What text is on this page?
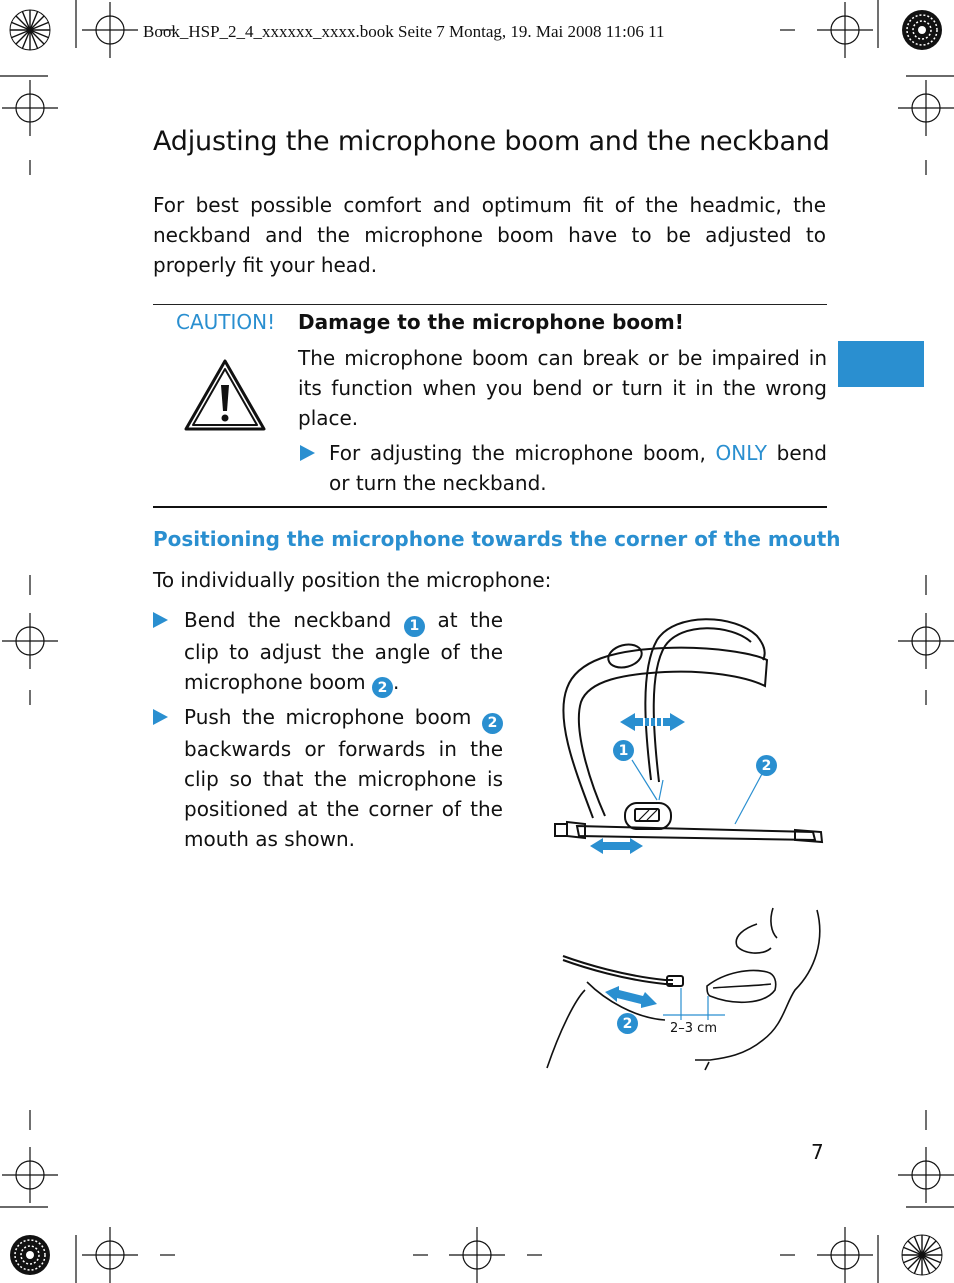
Book_HSP_2_4_xxxxxx_xxxx.book Seite 7 Montag, 19. Mai 2008 11:06 11
Adjusting the microphone boom and the neckband
For best possible comfort and optimum fit of the headmic, the neckband and the microphone boom have to be adjusted to properly fit your head.
CAUTION! Damage to the microphone boom!
The microphone boom can break or be impaired in its function when you bend or turn it in the wrong place.
For adjusting the microphone boom, ONLY bend or turn the neckband.
Positioning the microphone towards the corner of the mouth
To individually position the microphone:
Bend the neckband 1 at the clip to adjust the angle of the microphone boom 2 .
Push the microphone boom 2 backwards or forwards in the clip so that the microphone is positioned at the corner of the mouth as shown.
1
2
2–3 cm
2
7
